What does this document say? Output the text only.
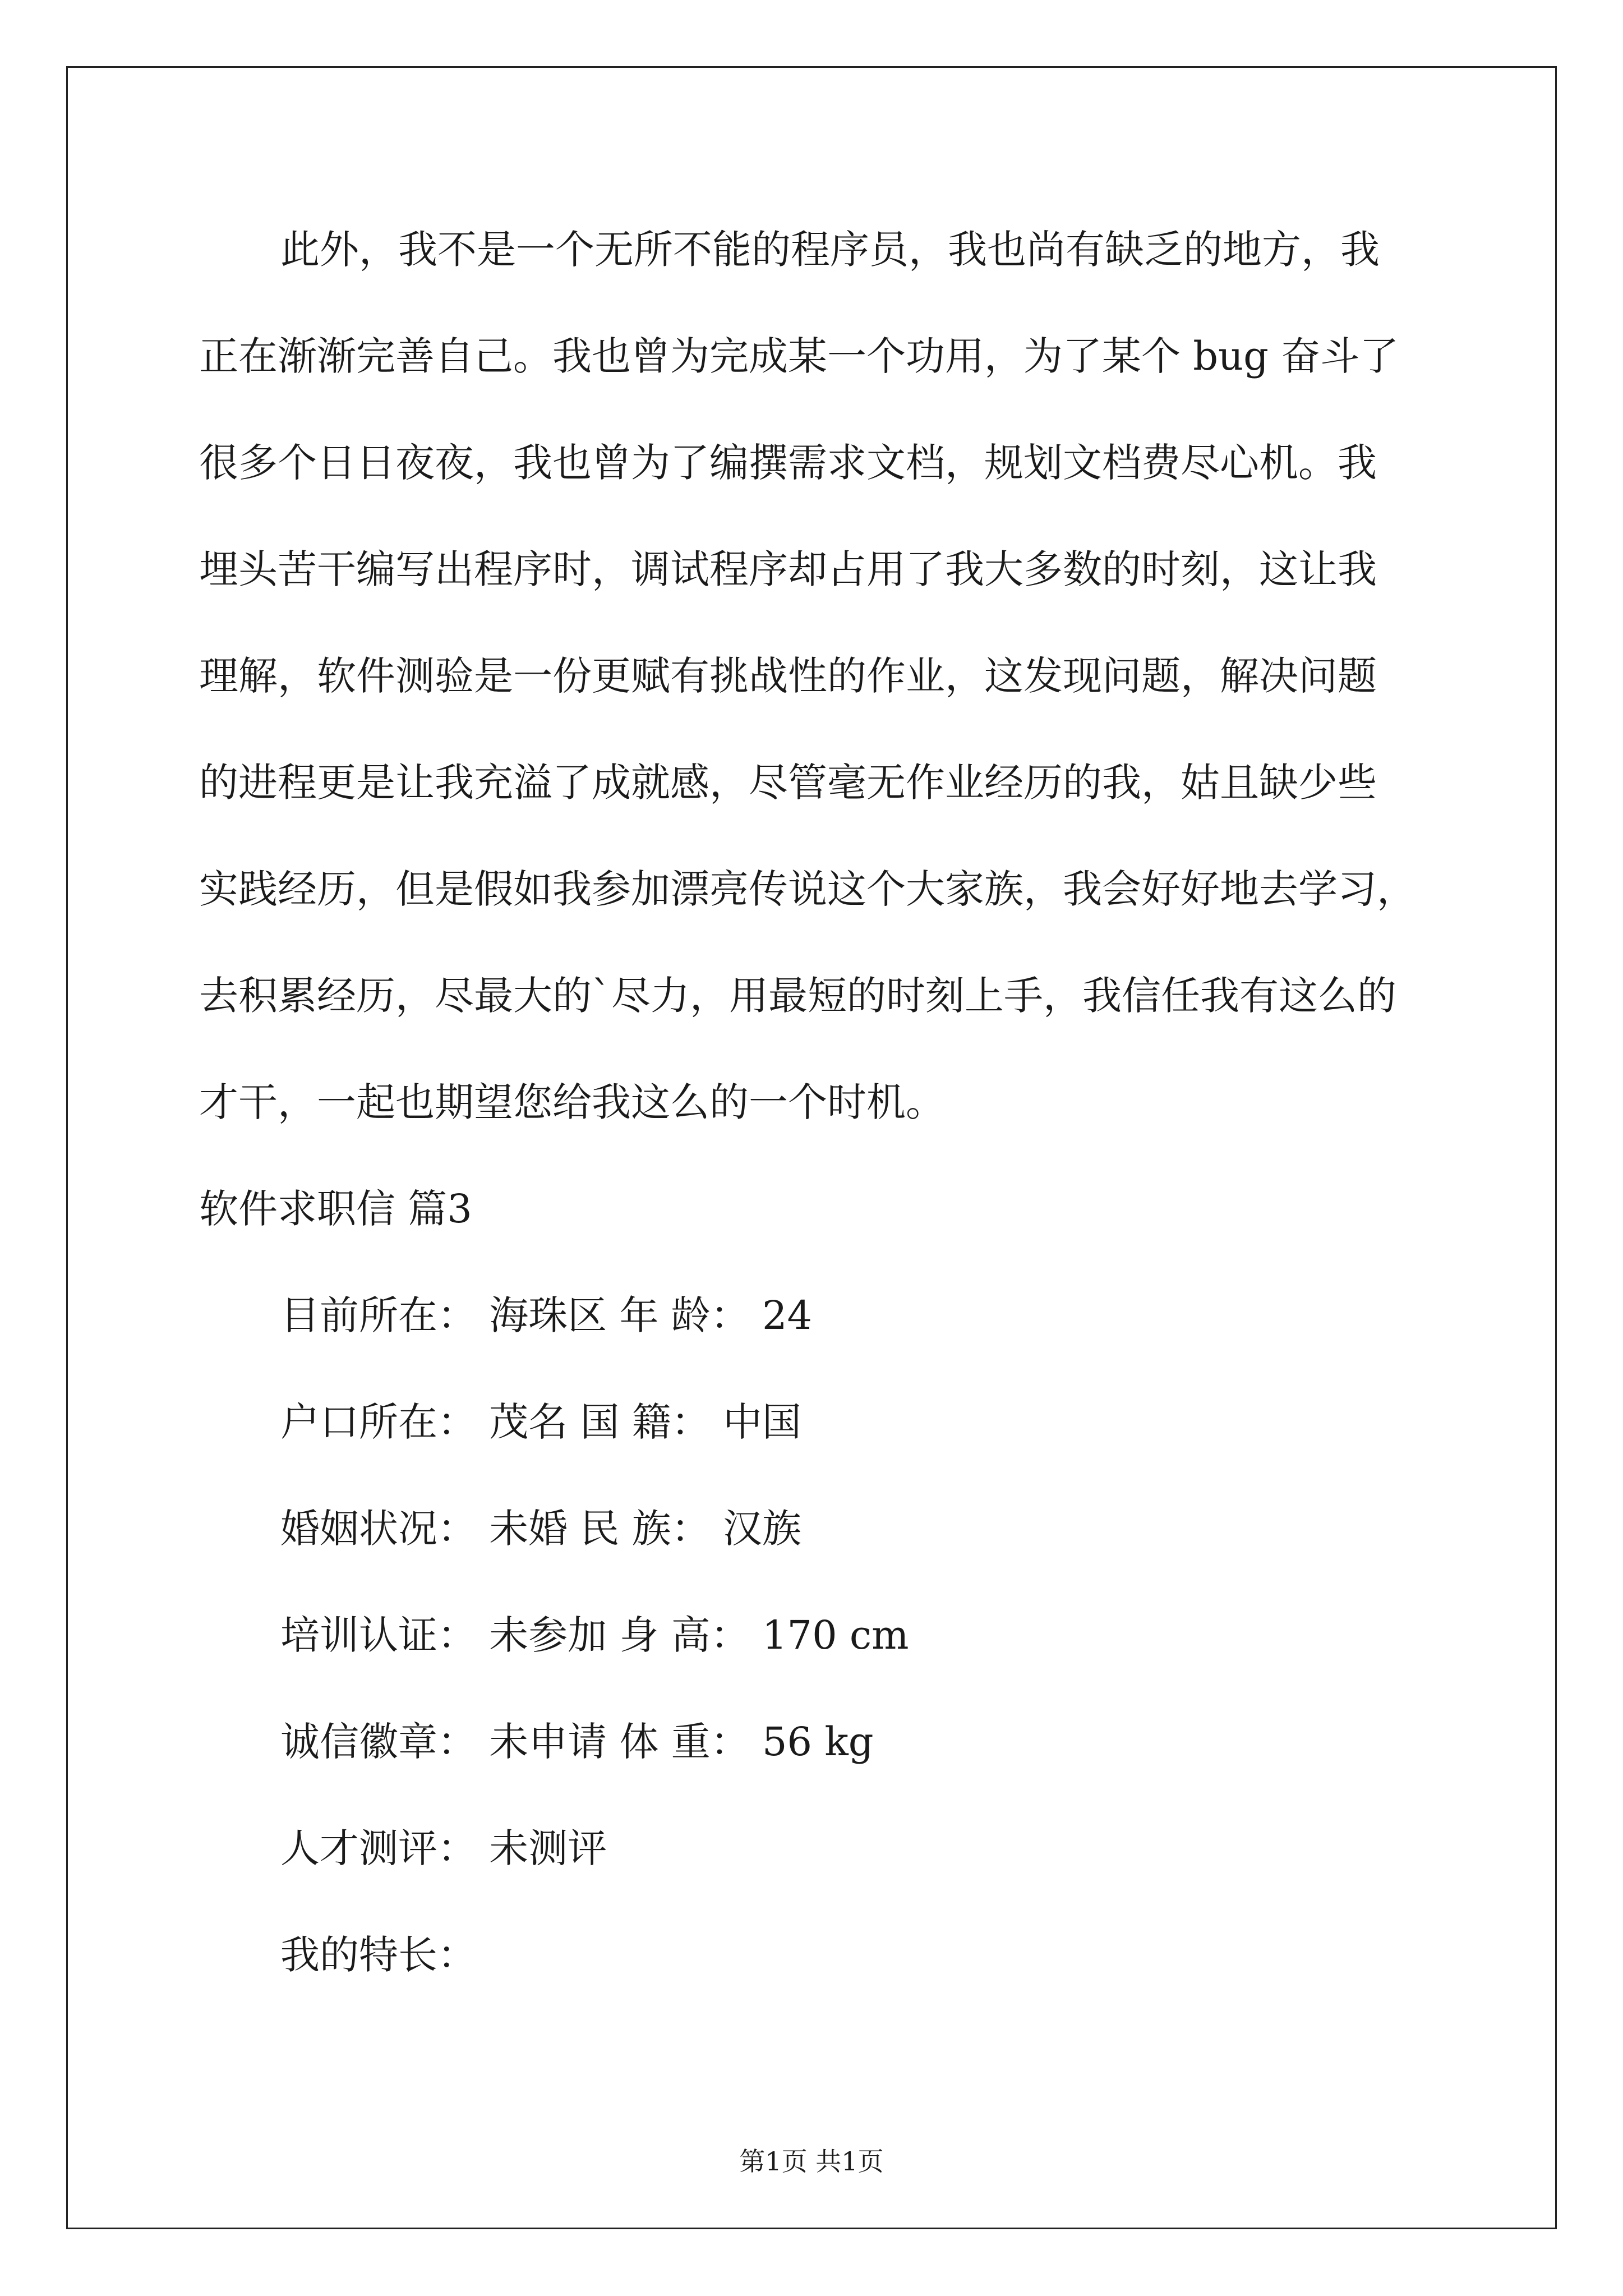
此外，我不是一个无所不能的程序员，我也尚有缺乏的地方，我
正在渐渐完善自己。我也曾为完成某一个功用，为了某个 bug 奋斗了
很多个日日夜夜，我也曾为了编撰需求文档，规划文档费尽心机。我
埋头苦干编写出程序时，调试程序却占用了我大多数的时刻，这让我
理解，软件测验是一份更赋有挑战性的作业，这发现问题，解决问题
的进程更是让我充溢了成就感，尽管毫无作业经历的我，姑且缺少些
实践经历，但是假如我参加漂亮传说这个大家族，我会好好地去学习，
去积累经历，尽最大的`尽力，用最短的时刻上手，我信任我有这么的
才干，一起也期望您给我这么的一个时机。
软件求职信 篇3
目前所在： 海珠区 年 龄： 24
户口所在： 茂名 国 籍： 中国
婚姻状况： 未婚 民 族： 汉族
培训认证： 未参加 身 高： 170 cm
诚信徽章： 未申请 体 重： 56 kg
人才测评： 未测评
我的特长：
第1页 共1页
